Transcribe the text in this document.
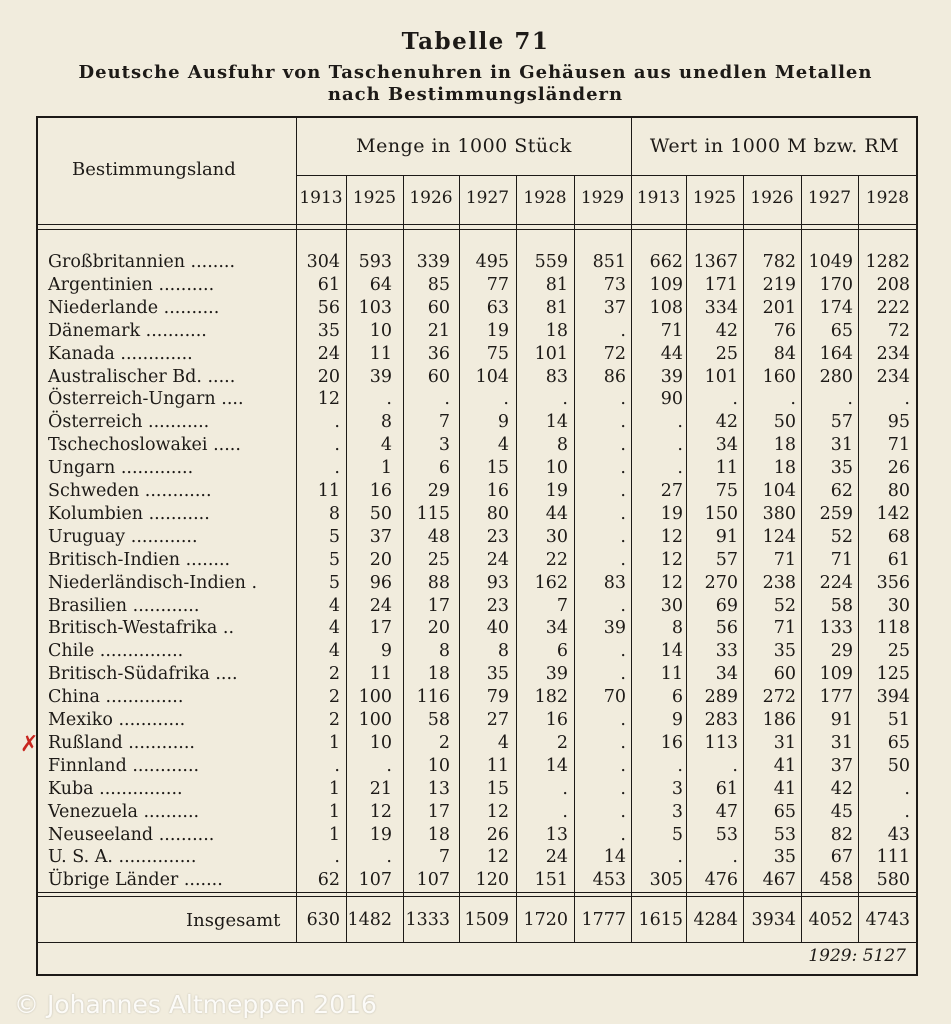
Tabelle 71
Deutsche Ausfuhr von Taschenuhren in Gehäusen aus unedlen Metallen
nach Bestimmungsländern
1929: 5127
✗
© Johannes Altmeppen 2016
Bestimmungsland
Menge in 1000 Stück	Wert in 1000 M bzw. RM
1913 1925 1926 1927 1928 1929 1913 1925 1926 1927 1928
Großbritannien ........	304 593 339 495 559 851 662 1367 782 1049 1282
Argentinien ..........	61 64 85 77 81 73 109 171 219 170 208
Niederlande ..........	56 103 60 63 81 37 108 334 201 174 222
Dänemark ...........	35 10 21 19 18	. 71 42 76 65 72
Kanada .............	24 11 36 75 101 72 44 25 84 164 234
Australischer Bd. .....	20 39 60 104 83 86 39 101 160 280 234
Österreich-Ungarn ....	12	.	.	.	.	. 90	.	.	.	.
Österreich ...........	. 8	7	9 14	.	. 42 50 57 95
Tschechoslowakei .....	. 4	3	4	8	.	. 34 18 31 71
Ungarn .............	. 1	6 15 10	.	. 11 18 35 26
Schweden ............	11 16 29 16 19	. 27 75 104 62 80
Kolumbien ...........	8 50 115 80 44	. 19 150 380 259 142
Uruguay ............	5 37 48 23 30	. 12 91 124 52 68
Britisch-Indien ........	5 20 25 24 22	. 12 57 71 71 61
Niederländisch-Indien .	5 96 88 93 162 83 12 270 238 224 356
Brasilien ............	4 24 17 23	7	. 30 69 52 58 30
Britisch-Westafrika ..	4 17 20 40 34 39	8 56 71 133 118
Chile ...............	4 9	8	8	6	. 14 33 35 29 25
Britisch-Südafrika ....	2 11 18 35 39	. 11 34 60 109 125
China ..............	2 100 116 79 182 70	6 289 272 177 394
Mexiko ............	2 100 58 27 16	.	9 283 186 91 51
Rußland ............	1 10	2	4	2	. 16 113 31 31 65
Finnland ............	.	. 10 11 14	.	.	. 41 37 50
Kuba ...............	1 21 13 15	.	.	3 61 41 42	.
Venezuela ..........	1 12 17 12	.	.	3 47 65 45	.
Neuseeland ..........	1 19 18 26 13	.	5 53 53 82 43
U. S. A. ..............	.	.	7 12 24 14	.	. 35 67 111
Übrige Länder .......	62 107 107 120 151 453 305 476 467 458 580
Insgesamt 630 1482 1333 1509 1720 1777 1615 4284 3934 4052 4743
